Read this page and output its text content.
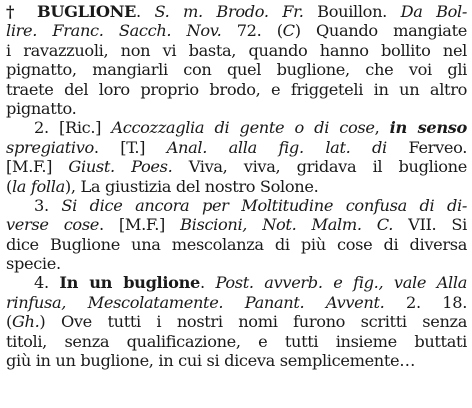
† BUGLIONE. S. m. Brodo. Fr. Bouillon. Da Bol-
lire. Franc. Sacch. Nov. 72. (C) Quando mangiate
i ravazzuoli, non vi basta, quando hanno bollito nel
pignatto, mangiarli con quel buglione, che voi gli
traete del loro proprio brodo, e friggeteli in un altro
pignatto.
2. [Ric.] Accozzaglia di gente o di cose, in senso
spregiativo. [T.] Anal. alla fig. lat. di Ferveo.
[M.F.] Giust. Poes. Viva, viva, gridava il buglione
(la folla), La giustizia del nostro Solone.
3. Si dice ancora per Moltitudine confusa di di-
verse cose. [M.F.] Biscioni, Not. Malm. C. VII. Si
dice Buglione una mescolanza di più cose di diversa
specie.
4. In un buglione. Post. avverb. e fig., vale Alla
rinfusa, Mescolatamente. Panant. Avvent. 2. 18.
(Gh.) Ove tutti i nostri nomi furono scritti senza
titoli, senza qualificazione, e tutti insieme buttati
giù in un buglione, in cui si diceva semplicemente…
